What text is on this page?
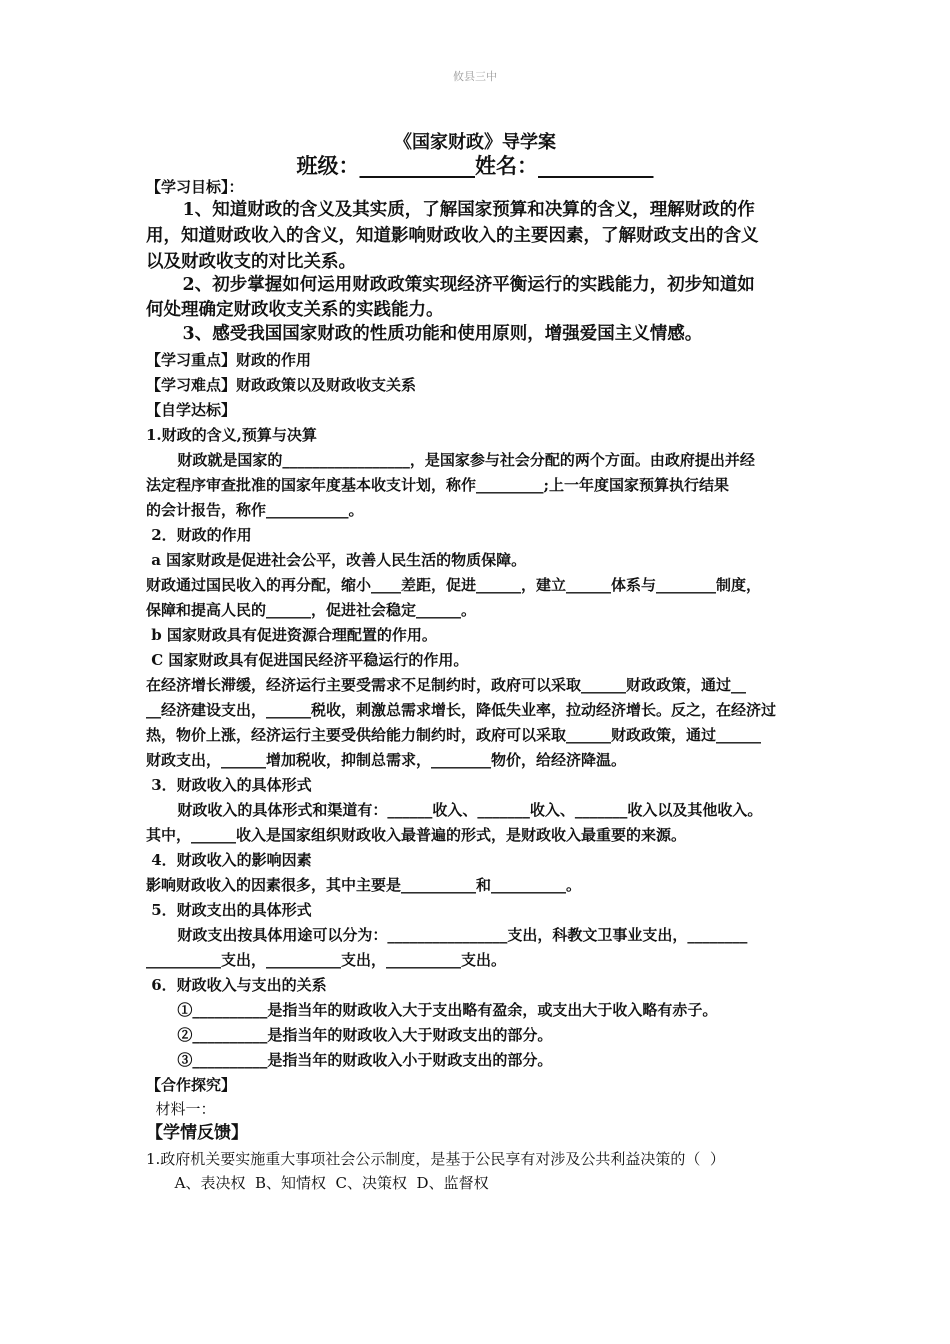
攸县三中
《国家财政》导学案
班级：___________姓名：___________
【学习目标】：
1、知道财政的含义及其实质，了解国家预算和决算的含义，理解财政的作
用，知道财政收入的含义，知道影响财政收入的主要因素，了解财政支出的含义
以及财政收支的对比关系。
2、初步掌握如何运用财政政策实现经济平衡运行的实践能力，初步知道如
何处理确定财政收支关系的实践能力。
3、感受我国国家财政的性质功能和使用原则，增强爱国主义情感。
【学习重点】财政的作用
【学习难点】财政政策以及财政收支关系
【自学达标】
1.财政的含义,预算与决算
财政就是国家的_________________，是国家参与社会分配的两个方面。由政府提出并经
法定程序审查批准的国家年度基本收支计划，称作_________;上一年度国家预算执行结果
的会计报告，称作___________。
2．财政的作用
a 国家财政是促进社会公平，改善人民生活的物质保障。
财政通过国民收入的再分配，缩小____差距，促进______，建立______体系与________制度，
保障和提高人民的______，促进社会稳定______。
b 国家财政具有促进资源合理配置的作用。
C 国家财政具有促进国民经济平稳运行的作用。
在经济增长滞缓，经济运行主要受需求不足制约时，政府可以采取______财政政策，通过__
__经济建设支出，______税收，刺激总需求增长，降低失业率，拉动经济增长。反之，在经济过
热，物价上涨，经济运行主要受供给能力制约时，政府可以采取______财政政策，通过______
财政支出，______增加税收，抑制总需求，________物价，给经济降温。
3．财政收入的具体形式
财政收入的具体形式和渠道有：______收入、_______收入、_______收入以及其他收入。
其中，______收入是国家组织财政收入最普遍的形式，是财政收入最重要的来源。
4．财政收入的影响因素
影响财政收入的因素很多，其中主要是__________和__________。
5．财政支出的具体形式
财政支出按具体用途可以分为：________________支出，科教文卫事业支出，________
__________支出，__________支出，__________支出。
6．财政收入与支出的关系
①__________是指当年的财政收入大于支出略有盈余，或支出大于收入略有赤子。
②__________是指当年的财政收入大于财政支出的部分。
③__________是指当年的财政收入小于财政支出的部分。
【合作探究】
材料一：
【学情反馈】
1.政府机关要实施重大事项社会公示制度，是基于公民享有对涉及公共利益决策的（  ）
A、表决权  B、知情权  C、决策权  D、监督权
